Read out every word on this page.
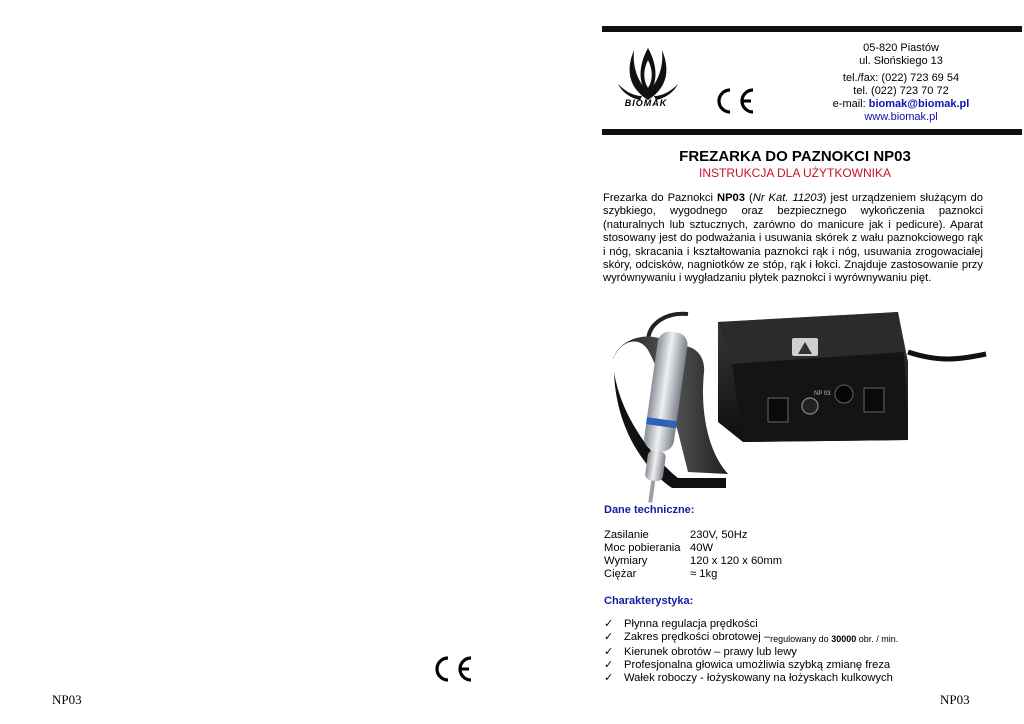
BIOMAK
05-820 Piastów
ul. Słońskiego 13
tel./fax: (022) 723 69 54
tel. (022) 723 70 72
e-mail: biomak@biomak.pl
www.biomak.pl
FREZARKA DO PAZNOKCI NP03
INSTRUKCJA DLA UŻYTKOWNIKA
Frezarka do Paznokci NP03 (Nr Kat. 11203) jest urządzeniem służącym do szybkiego, wygodnego oraz bezpiecznego wykończenia paznokci (naturalnych lub sztucznych, zarówno do manicure jak i pedicure). Aparat stosowany jest do podważania i usuwania skórek z wału paznokciowego rąk i nóg, skracania i kształtowania paznokci rąk i nóg, usuwania zrogowaciałej skóry, odcisków, nagniotków ze stóp, rąk i łokci. Znajduje zastosowanie przy wyrównywaniu i wygładzaniu płytek paznokci i wyrównywaniu pięt.
NP 03
Dane techniczne:
Zasilanie	230V, 50Hz
Moc pobierania 40W
Wymiary	120 x 120 x 60mm
Ciężar	≈ 1kg
Charakterystyka:
✓ Płynna regulacja prędkości
✓ Zakres prędkości obrotowej – regulowany do 30000 obr. / min.
✓ Kierunek obrotów – prawy lub lewy
✓ Profesjonalna głowica umożliwia szybką zmianę freza
✓ Wałek roboczy - łożyskowany na łożyskach kulkowych
NP03	NP03
